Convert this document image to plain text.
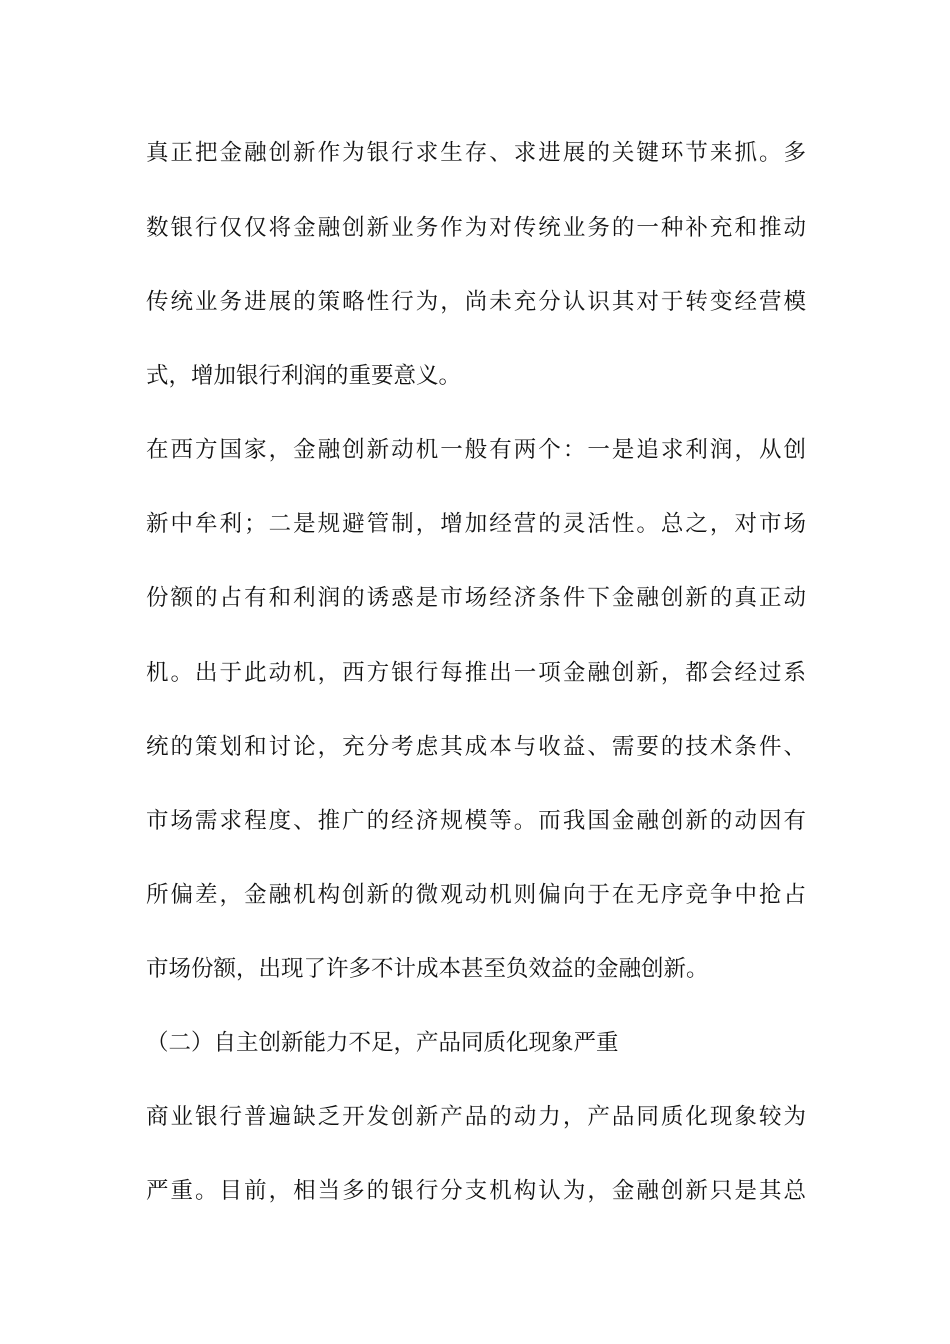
真正把金融创新作为银行求生存、求进展的关键环节来抓。多
数银行仅仅将金融创新业务作为对传统业务的一种补充和推动
传统业务进展的策略性行为，尚未充分认识其对于转变经营模
式，增加银行利润的重要意义。
在西方国家，金融创新动机一般有两个：一是追求利润，从创
新中牟利；二是规避管制，增加经营的灵活性。总之，对市场
份额的占有和利润的诱惑是市场经济条件下金融创新的真正动
机。出于此动机，西方银行每推出一项金融创新，都会经过系
统的策划和讨论，充分考虑其成本与收益、需要的技术条件、
市场需求程度、推广的经济规模等。而我国金融创新的动因有
所偏差，金融机构创新的微观动机则偏向于在无序竞争中抢占
市场份额，出现了许多不计成本甚至负效益的金融创新。
（二）自主创新能力不足，产品同质化现象严重
商业银行普遍缺乏开发创新产品的动力，产品同质化现象较为
严重。目前，相当多的银行分支机构认为，金融创新只是其总
